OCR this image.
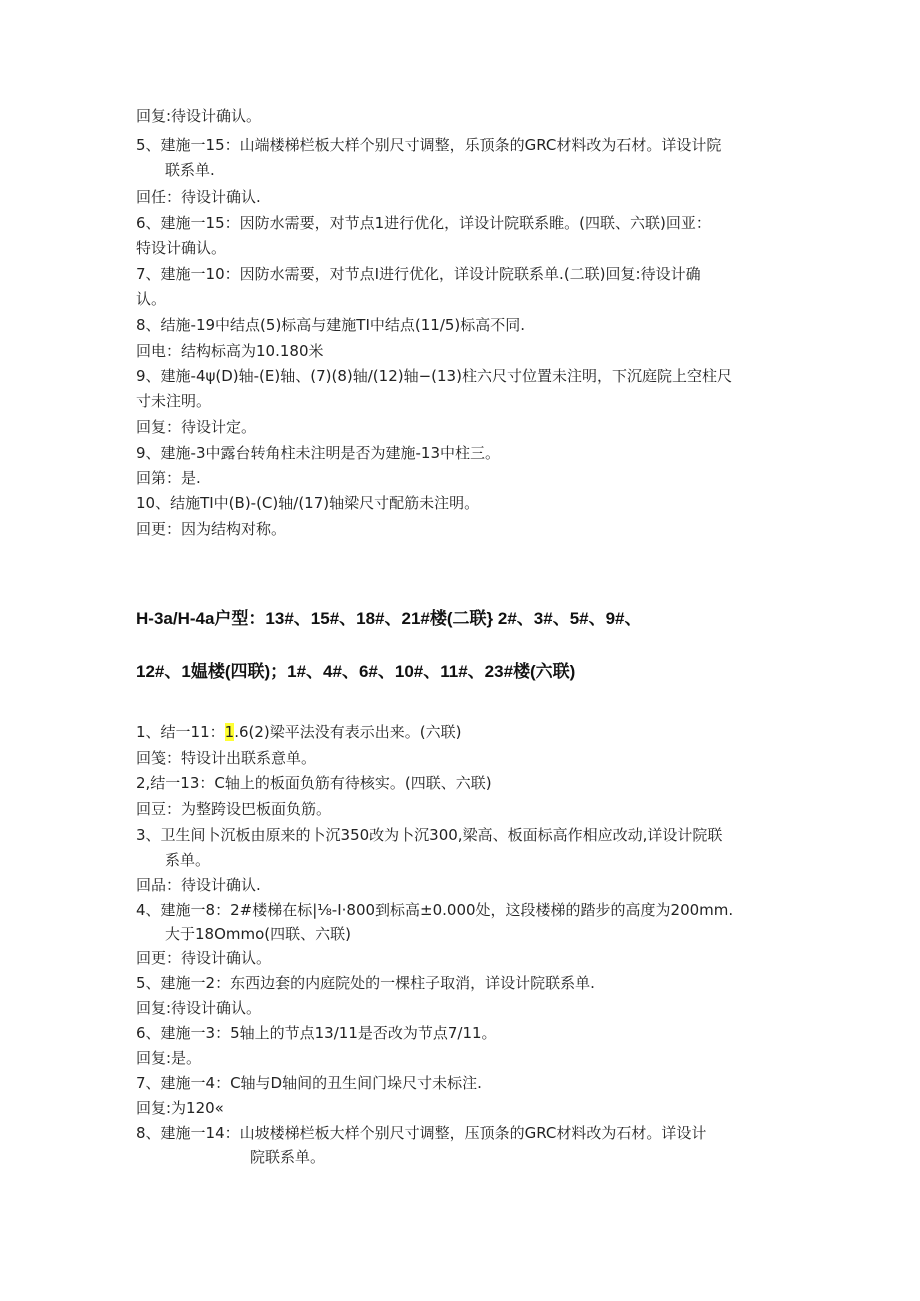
回复:待设计确认。
5、建施一15：山端楼梯栏板大样个别尺寸调整，乐顶条的GRC材料改为石材。详设计院
联系单.
回任：待设计确认.
6、建施一15：因防水需要，对节点1进行优化，详设计院联系睢。(四联、六联)回亚：
特设计确认。
7、建施一10：因防水需要，对节点I进行优化，详设计院联系单.(二联)回复:待设计确
认。
8、结施-19中结点(5)标高与建施TI中结点(11/5)标高不同.
回电：结构标高为10.180米
9、建施-4ψ(D)轴-(E)轴、(7)(8)轴/(12)轴−(13)柱六尺寸位置未注明，下沉庭院上空柱尺
寸未注明。
回复：待设计定。
9、建施-3中露台转角柱未注明是否为建施-13中柱三。
回第：是.
10、结施TI中(B)-(C)轴/(17)轴梁尺寸配筋未注明。
回更：因为结构对称。
H-3a/H-4a户型：13#、15#、18#、21#楼(二联} 2#、3#、5#、9#、
12#、1媪楼(四联)；1#、4#、6#、10#、11#、23#楼(六联)
1、结一11：1.6(2)梁平法没有表示出来。(六联)
回笺：特设计出联系意单。
2,结一13：C轴上的板面负筋有待核实。(四联、六联)
回豆：为整跨设巴板面负筋。
3、卫生间卜沉板由原来的卜沉350改为卜沉300,梁高、板面标高作相应改动,详设计院联
系单。
回品：待设计确认.
4、建施一8：2#楼梯在标|⅛-I·800到标高±0.000处，这段楼梯的踏步的高度为200mm.
大于18Ommo(四联、六联)
回更：待设计确认。
5、建施一2：东西边套的内庭院处的一棵柱子取消，详设计院联系单.
回复:待设计确认。
6、建施一3：5轴上的节点13/11是否改为节点7/11。
回复:是。
7、建施一4：C轴与D轴间的丑生间门垛尺寸未标注.
回复:为120«
8、建施一14：山坡楼梯栏板大样个别尺寸调整，压顶条的GRC材料改为石材。详设计
院联系单。
